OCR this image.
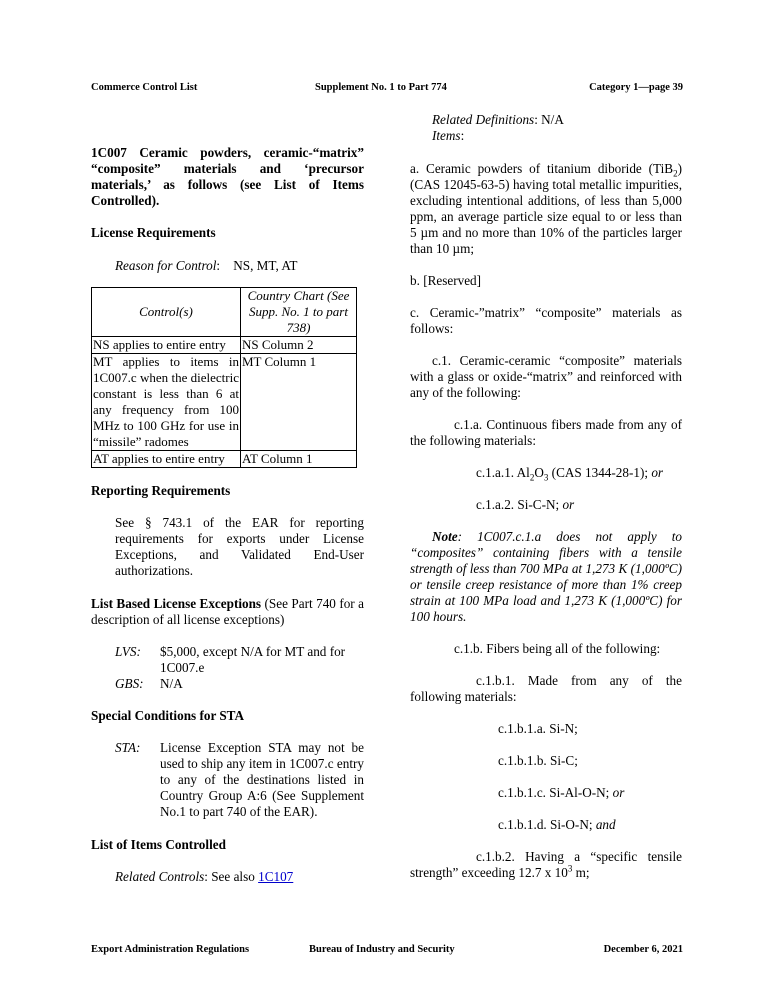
Commerce Control List	Supplement No. 1 to Part 774	Category 1—page 39

1C007 Ceramic powders, ceramic-“matrix” “composite” materials and ‘precursor materials,’ as follows (see List of Items Controlled).

License Requirements

Reason for Control:    NS, MT, AT

Control(s)	Country Chart (See Supp. No. 1 to part 738)
NS applies to entire entry	NS Column 2
MT applies to items in 1C007.c when the dielectric constant is less than 6 at any frequency from 100 MHz to 100 GHz for use in “missile” radomes	MT Column 1
AT applies to entire entry	AT Column 1

Reporting Requirements

See § 743.1 of the EAR for reporting requirements for exports under License Exceptions, and Validated End-User authorizations.

List Based License Exceptions (See Part 740 for a description of all license exceptions)

LVS:	$5,000, except N/A for MT and for 1C007.e
GBS:	N/A

Special Conditions for STA

STA:	License Exception STA may not be used to ship any item in 1C007.c entry to any of the destinations listed in Country Group A:6 (See Supplement No.1 to part 740 of the EAR).

List of Items Controlled

Related Controls: See also 1C107

Related Definitions: N/A

Items:

a. Ceramic powders of titanium diboride (TiB$_2$) (CAS 12045-63-5) having total metallic impurities, excluding intentional additions, of less than 5,000 ppm, an average particle size equal to or less than 5 µm and no more than 10% of the particles larger than 10 µm;

b. [Reserved]

c. Ceramic-”matrix” “composite” materials as follows:

c.1. Ceramic-ceramic “composite” materials with a glass or oxide-“matrix” and reinforced with any of the following:

c.1.a. Continuous fibers made from any of the following materials:

c.1.a.1. $Al_2O_3$ (CAS 1344-28-1); or

c.1.a.2. Si-C-N; or

Note: 1C007.c.1.a does not apply to “composites” containing fibers with a tensile strength of less than 700 MPa at 1,273 K (1,000ºC) or tensile creep resistance of more than 1% creep strain at 100 MPa load and 1,273 K (1,000ºC) for 100 hours.

c.1.b. Fibers being all of the following:

c.1.b.1. Made from any of the following materials:

c.1.b.1.a. Si-N;

c.1.b.1.b. Si-C;

c.1.b.1.c. Si-Al-O-N; or

c.1.b.1.d. Si-O-N; and

c.1.b.2. Having a “specific tensile strength” exceeding 12.7 x $10^3$ m;

Export Administration Regulations	Bureau of Industry and Security	December 6, 2021
